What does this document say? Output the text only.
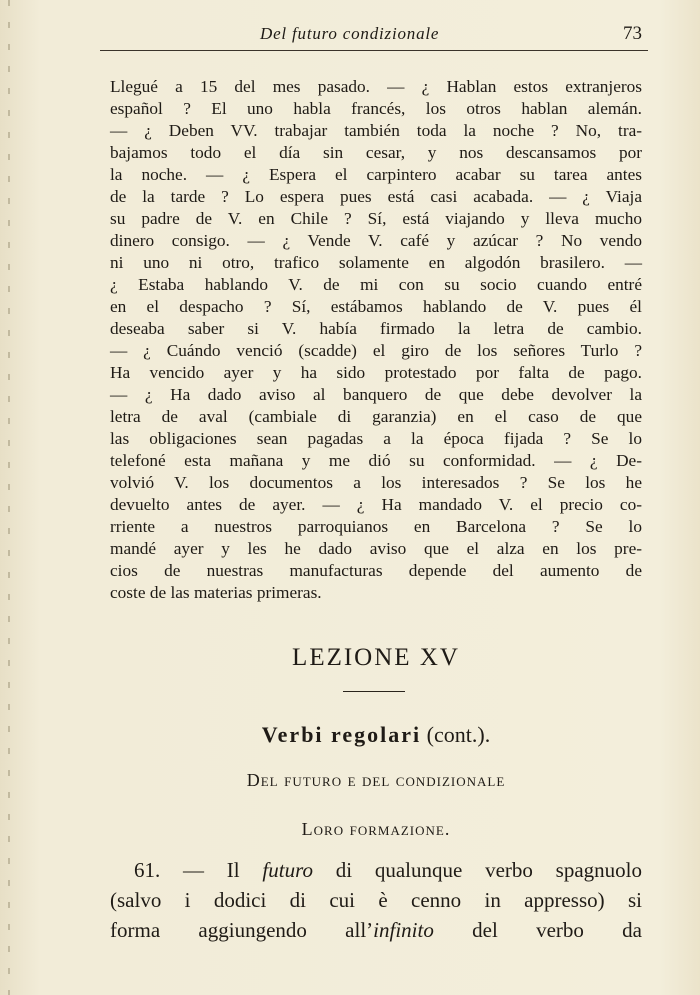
Del futuro condizionale	73
Llegué a 15 del mes pasado. — ¿ Hablan estos extranjeros
español ? El uno habla francés, los otros hablan alemán.
— ¿ Deben VV. trabajar también toda la noche ? No, tra-
bajamos todo el día sin cesar, y nos descansamos por
la noche. — ¿ Espera el carpintero acabar su tarea antes
de la tarde ? Lo espera pues está casi acabada. — ¿ Viaja
su padre de V. en Chile ? Sí, está viajando y lleva mucho
dinero consigo. — ¿ Vende V. café y azúcar ? No vendo
ni uno ni otro, trafico solamente en algodón brasilero. —
¿ Estaba hablando V. de mi con su socio cuando entré
en el despacho ? Sí, estábamos hablando de V. pues él
deseaba saber si V. había firmado la letra de cambio.
— ¿ Cuándo venció (scadde) el giro de los señores Turlo ?
Ha vencido ayer y ha sido protestado por falta de pago.
— ¿ Ha dado aviso al banquero de que debe devolver la
letra de aval (cambiale di garanzia) en el caso de que
las obligaciones sean pagadas a la época fijada ? Se lo
telefoné esta mañana y me dió su conformidad. — ¿ De-
volvió V. los documentos a los interesados ? Se los he
devuelto antes de ayer. — ¿ Ha mandado V. el precio co-
rriente a nuestros parroquianos en Barcelona ? Se lo
mandé ayer y les he dado aviso que el alza en los pre-
cios de nuestras manufacturas depende del aumento de
coste de las materias primeras.
LEZIONE XV
Verbi regolari (cont.).
Del futuro e del condizionale
Loro formazione.
61. — Il futuro di qualunque verbo spagnuolo
(salvo i dodici di cui è cenno in appresso) si
forma aggiungendo all’infinito del verbo da
